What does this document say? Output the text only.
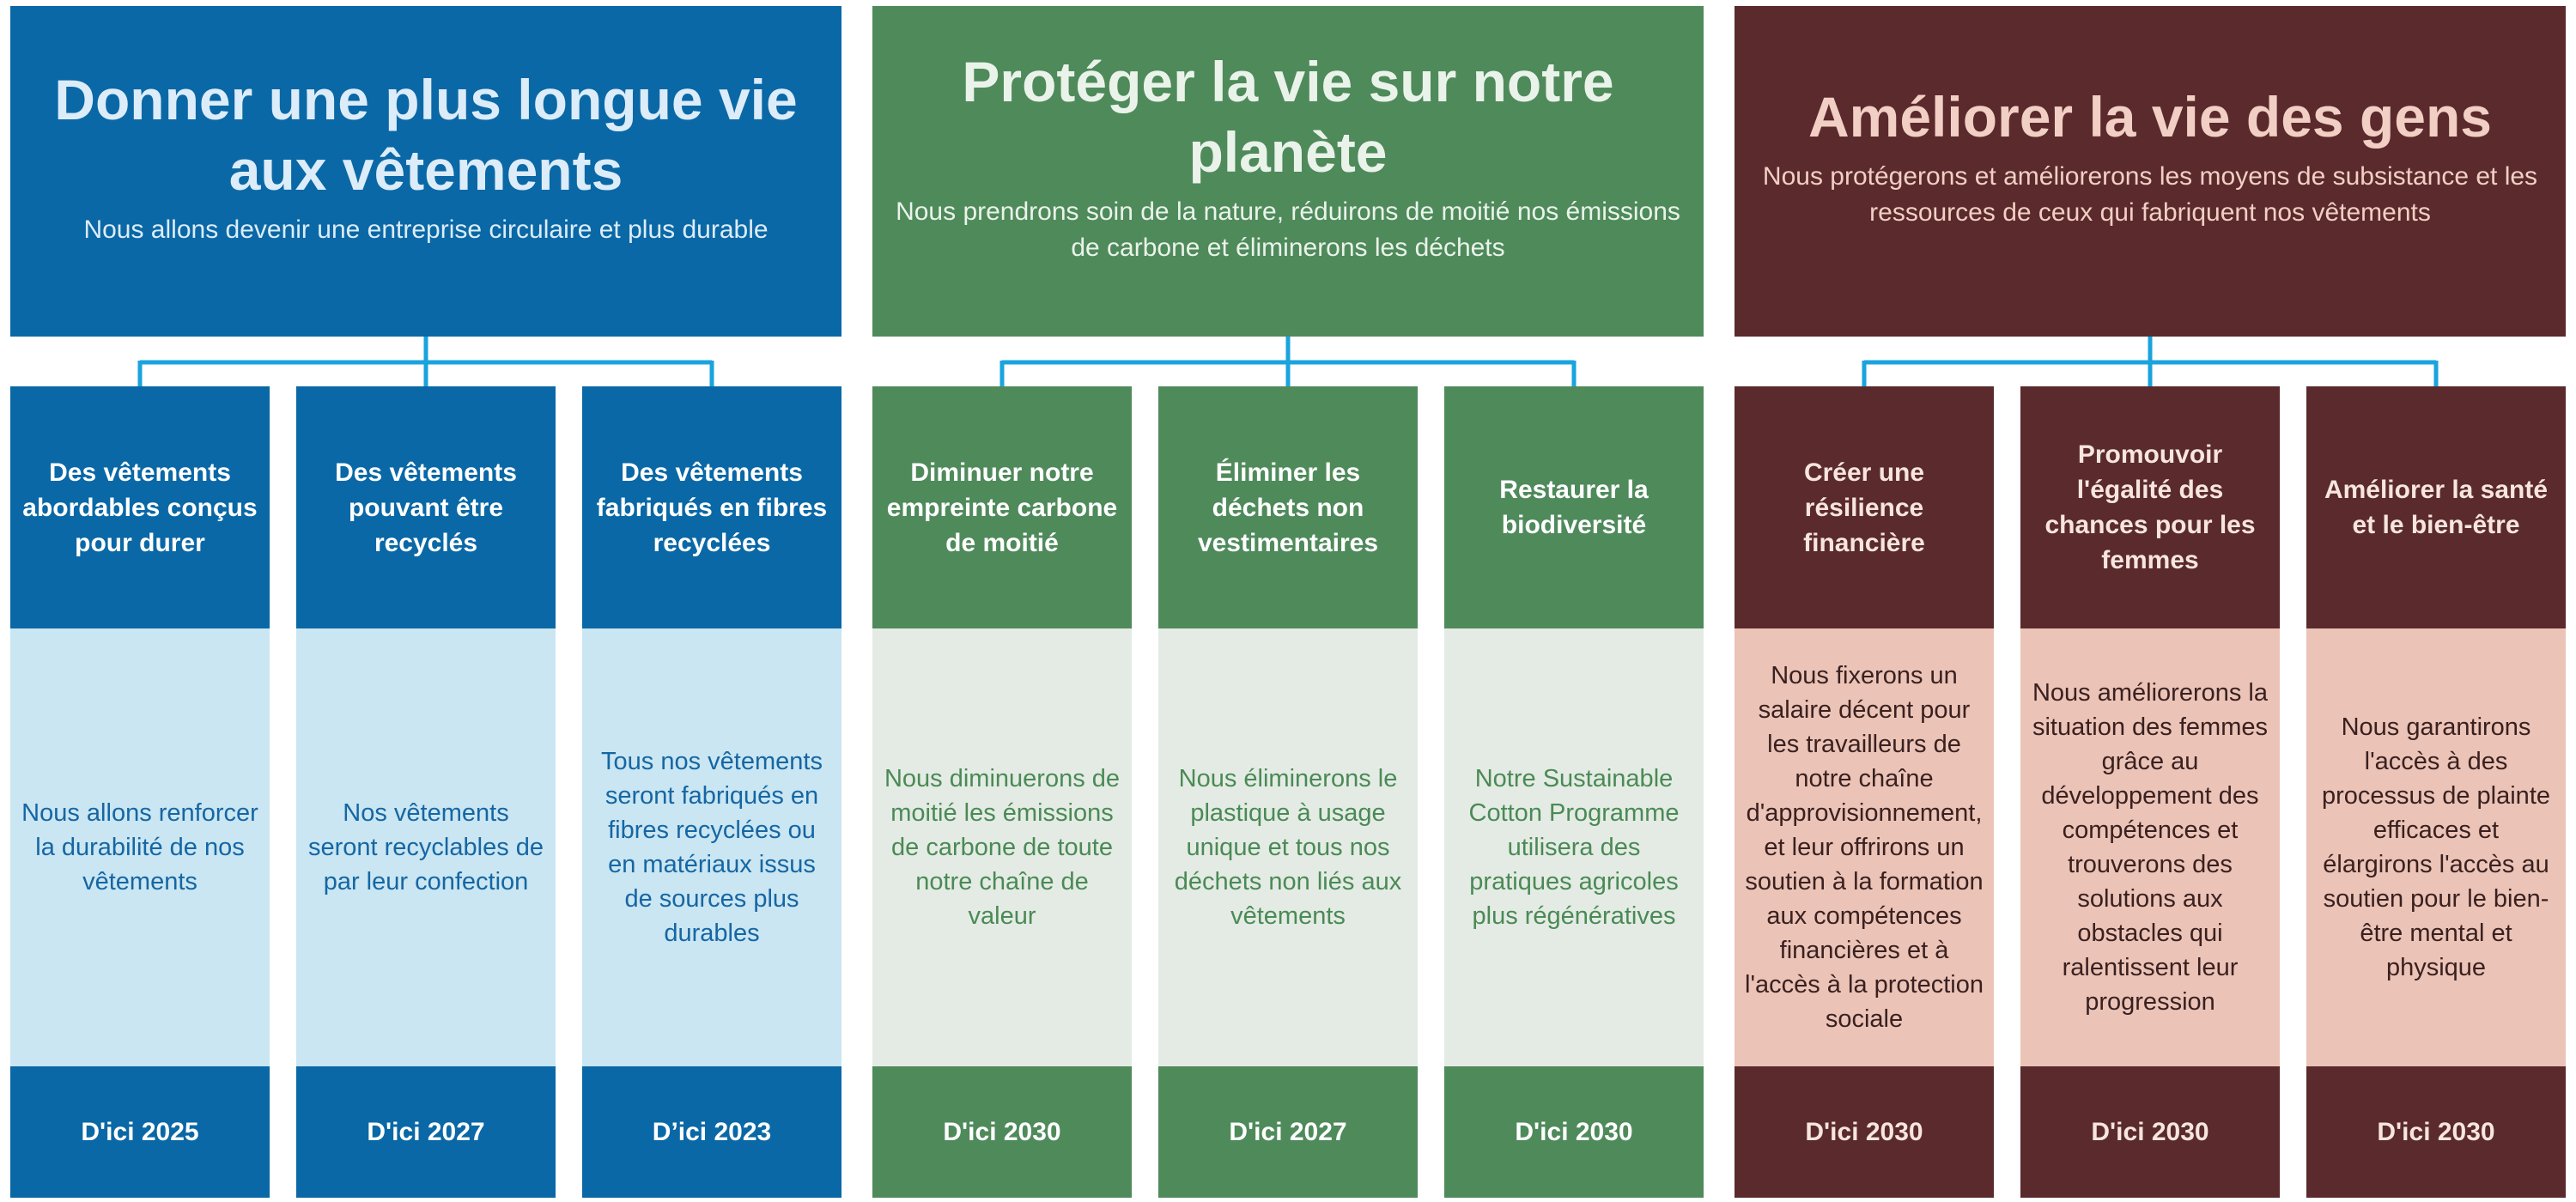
Donner une plus longue vie aux vêtements
Nous allons devenir une entreprise circulaire et plus durable
Des vêtements abordables conçus pour durer
Nous allons renforcer la durabilité de nos vêtements
D'ici 2025
Des vêtements pouvant être recyclés
Nos vêtements seront recyclables de par leur confection
D'ici 2027
Des vêtements fabriqués en fibres recyclées
Tous nos vêtements seront fabriqués en fibres recyclées ou en matériaux issus de sources plus durables
D’ici 2023
Protéger la vie sur notre planète
Nous prendrons soin de la nature, réduirons de moitié nos émissions de carbone et éliminerons les déchets
Diminuer notre empreinte carbone de moitié
Nous diminuerons de moitié les émissions de carbone de toute notre chaîne de valeur
D'ici 2030
Éliminer les déchets non vestimentaires
Nous éliminerons le plastique à usage unique et tous nos déchets non liés aux vêtements
D'ici 2027
Restaurer la biodiversité
Notre Sustainable Cotton Programme utilisera des pratiques agricoles plus régénératives
D'ici 2030
Améliorer la vie des gens
Nous protégerons et améliorerons les moyens de subsistance et les ressources de ceux qui fabriquent nos vêtements
Créer une résilience financière
Nous fixerons un salaire décent pour les travailleurs de notre chaîne d'approvisionnement, et leur offrirons un soutien à la formation aux compétences financières et à l'accès à la protection sociale
D'ici 2030
Promouvoir l'égalité des chances pour les femmes
Nous améliorerons la situation des femmes grâce au développement des compétences et trouverons des solutions aux obstacles qui ralentissent leur progression
D'ici 2030
Améliorer la santé et le bien-être
Nous garantirons l'accès à des processus de plainte efficaces et élargirons l'accès au soutien pour le bien-être mental et physique
D'ici 2030
